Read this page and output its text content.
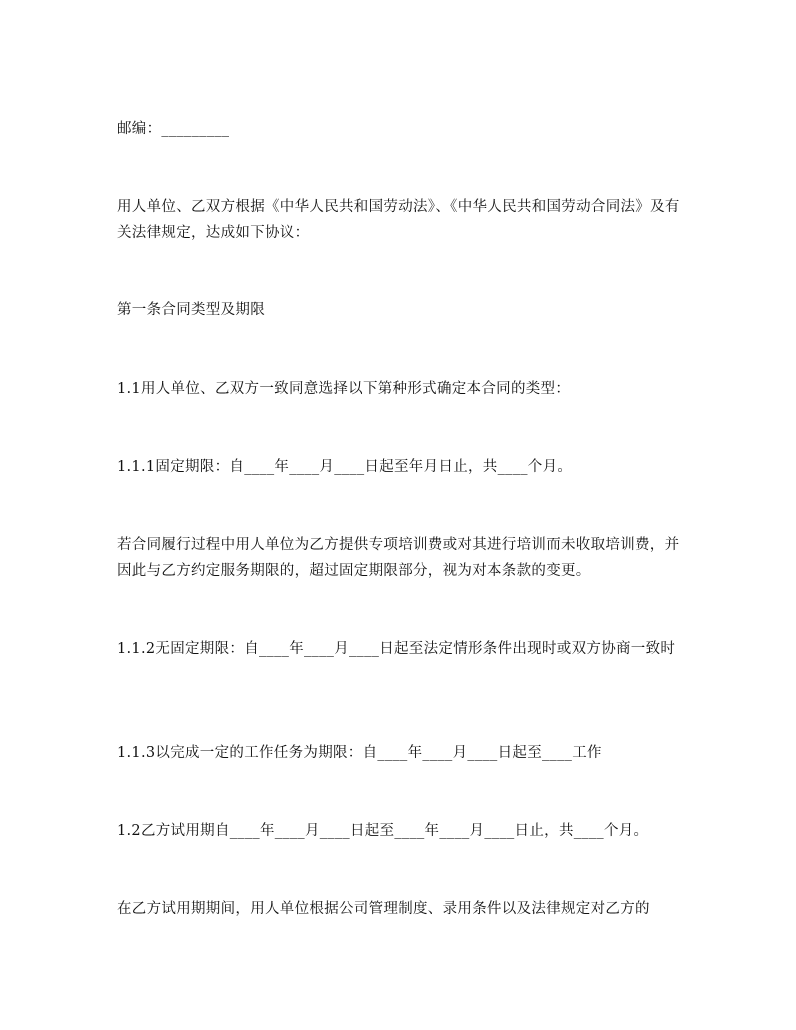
邮编：_________

用人单位、乙双方根据《中华人民共和国劳动法》、《中华人民共和国劳动合同法》及有关法律规定，达成如下协议：

第一条合同类型及期限

1.1用人单位、乙双方一致同意选择以下第种形式确定本合同的类型：

1.1.1固定期限：自____年____月____日起至年月日止，共____个月。

若合同履行过程中用人单位为乙方提供专项培训费或对其进行培训而未收取培训费，并因此与乙方约定服务期限的，超过固定期限部分，视为对本条款的变更。

1.1.2无固定期限：自____年____月____日起至法定情形条件出现时或双方协商一致时

1.1.3以完成一定的工作任务为期限：自____年____月____日起至____工作

1.2乙方试用期自____年____月____日起至____年____月____日止，共____个月。

在乙方试用期期间，用人单位根据公司管理制度、录用条件以及法律规定对乙方的
